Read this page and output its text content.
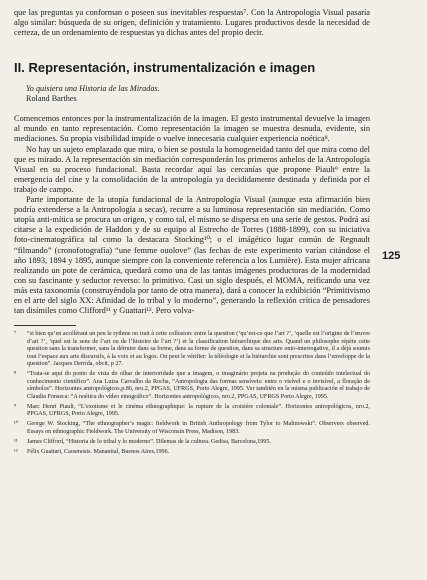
que las preguntas ya conforman o poseen sus inevitables respuestas⁷. Con la Antropología Visual pasaría algo similar: búsqueda de su origen, definición y tratamiento. Lugares productivos desde la necesidad de certeza, de un ordenamiento de respuestas ya dichas antes del propio decir.

II. Representación, instrumentalización e imagen

Yo quisiera una Historia de las Miradas.

Roland Barthes

Comencemos entonces por la instrumentalización de la imagen. El gesto instrumental devuelve la imagen al mundo en tanto representación. Como representación la imagen se muestra desnuda, evidente, sin mediaciones. Su propia visibilidad impide o vuelve innecesaria cualquier experiencia noética⁸.

No hay un sujeto emplazado que mira, o bien se postula la homogeneidad tanto del que mira como del que es mirado. A la representación sin mediación corresponderán los primeros anhelos de la Antropología Visual en su proceso fundacional. Basta recordar aquí las cercanías que propone Piault⁹ entre la emergencia del cine y la consolidación de la antropología ya decididamente destinada y definida por el trabajo de campo.

Parte importante de la utopía fundacional de la Antropología Visual (aunque esta afirmación bien podría extenderse a la Antropología a secas), recurre a su luminosa representación sin mediación. Como utopía anti-mítica se procura un origen, y como tal, el mismo se dispersa en una serie de gestos. Podrá así citarse a la expedición de Haddon y de su equipo al Estrecho de Torres (1888-1899), con su iniciativa foto-cinematográfica tal como la destacara Stocking¹⁰; o el imágético lugar común de Regnault “filmando” (cronofotografía) “une femme ouolove” (las fechas de este experimento varían citándose el año 1893, 1894 y 1895, aunque siempre con la conveniente referencia a los Lumière). Esta mujer africana realizando un pote de cerámica, quedará como una de las tantas imágenes productoras de la modernidad con su fascinante y seductor reverso: lo primitivo. Casi un siglo después, el MOMA, reificando una vez más esta taxonomía (construyéndola por tanto de otra manera), dará a conocer la exhibición “Primitivismo en el arte del siglo XX: Afinidad de lo tribal y lo moderno”, generando la reflexión crítica de pensadores tan disímiles como Clifford¹¹ y Guattari¹². Pero volva-

⁷	“si bien qu’en accélérant un peu le rythme on irait à cette collusion: entre la question (‘qu’est-ce que l’art ?’, ‘quelle est l’origine de l’œuvre d’art ?’, ‘quel est le sens de l’art ou de l’histoire de l’art ?’) et la classification hiérarchique des arts. Quand un philosophe répète cette question sans la transformer, sans la détruire dans sa forme, dans sa forme de question, dans sa structure onto-interrogative, il a déjà soumis tout l’espace aux arts discursifs, à la voix et au logos. On peut le vérifier: la téléologie et la hiérarchie sont prescrites dans l’enveloppe de la question”. Jacques Derrida, obcit, p 27.
⁸	“Trata-se aqui do ponto de vista do olhar de interioridade que a imagem, o imaginário projeta na produção do conteúdo intelectual do conhecimento científico”. Ana Luiza Carvalho da Rocha, “Antropologia das formas sensíveis: entre o visível e o invisível, a floração de símbolos”. Horizontes antropológicos,p.86, nro.2, PPGAS, UFRGS, Porto Alegre, 1995. Ver también en la misma publicación el trabajo de Claudia Fonseca: “A noética do vídeo etnográfico”. Horizontes antropológicos, nro.2, PPGAS, UFRGS Porto Alegre, 1995.
⁹	Marc Henri Piault, “L’exotisme et le cinéma ethnographique: la rupture de la croisière coloniale”. Horizontes antropológicos, nro.2, PPGAS, UFRGS, Porto Alegre, 1995.
¹⁰	George W. Stocking, “The ethnographer’s magic: fieldwork in British Anthropology from Tylor to Malinowski”. Observers observed. Essays on ethnographic Fieldwork. The University of Wisconsin Press, Madison, 1983.
¹¹	James Clifford, “Historia de lo tribal y lo moderno”. Dilemas de la cultura. Gedisa, Barcelona,1995.
¹²	Félix Guattari, Caosmosis. Manantial, Buenos Aires,1996.
125
